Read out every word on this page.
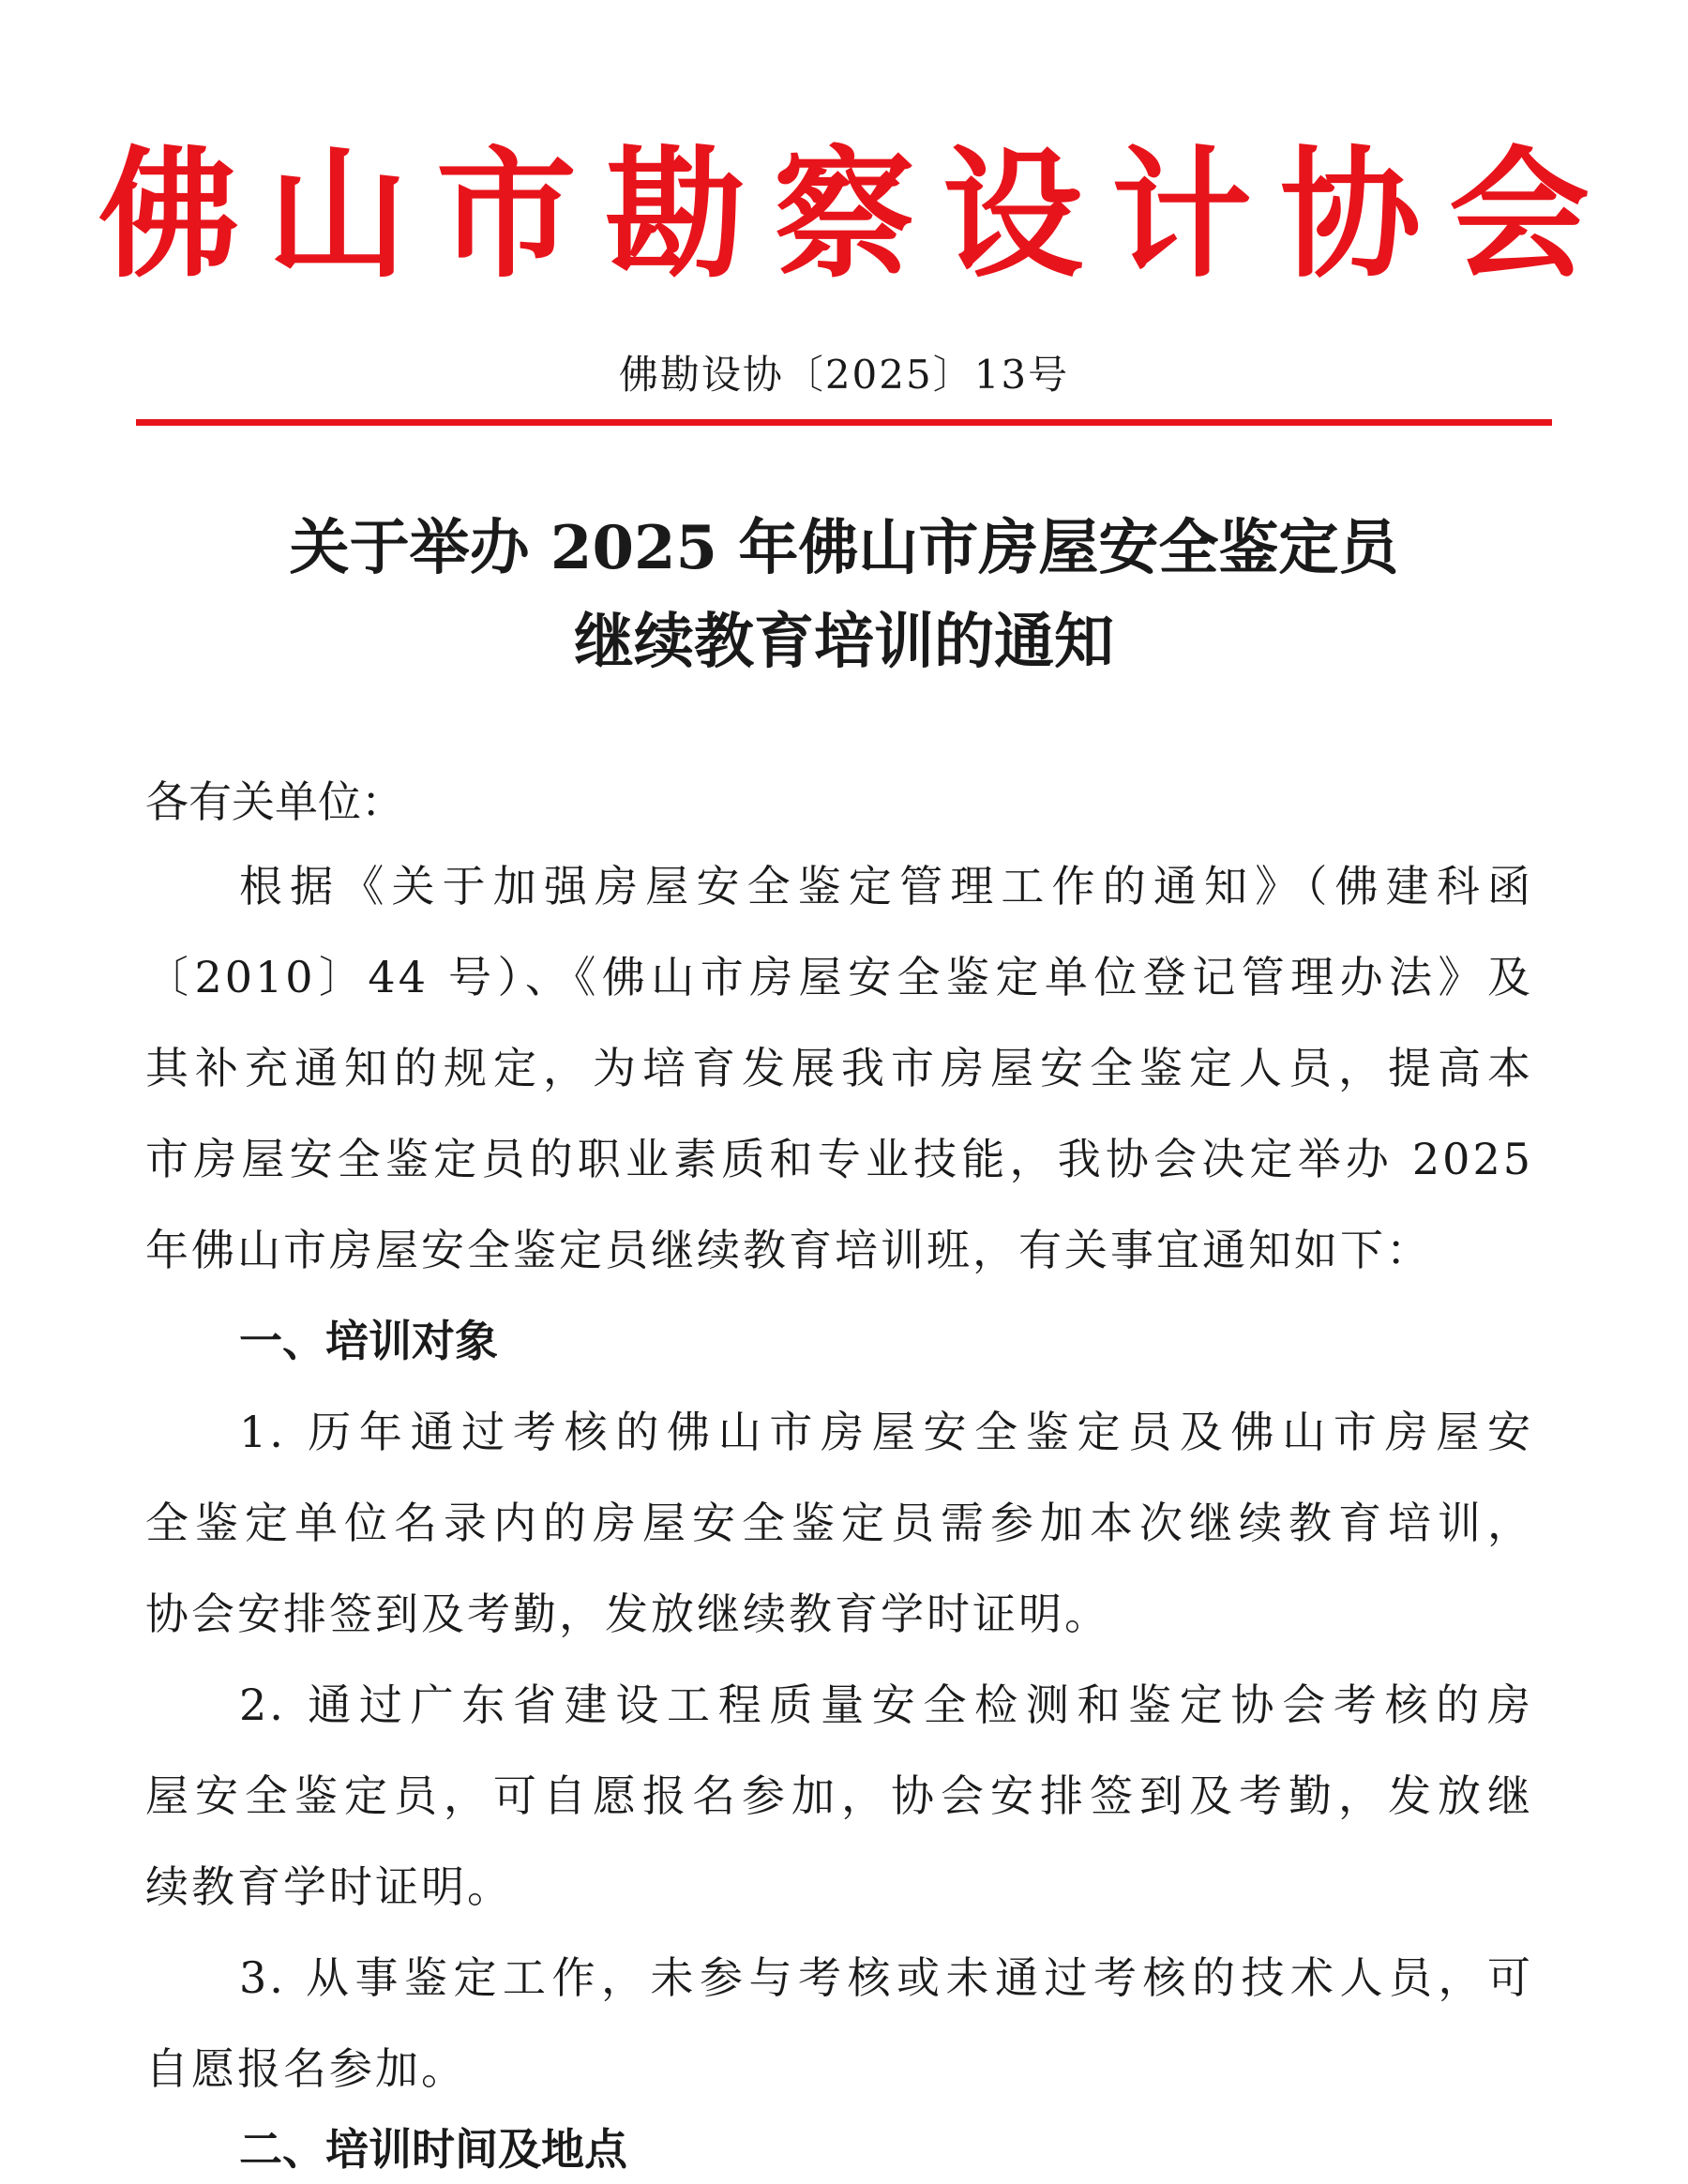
佛山市勘察设计协会
佛勘设协〔2025〕13号
关于举办 2025 年佛山市房屋安全鉴定员
继续教育培训的通知
各有关单位：
根据《关于加强房屋安全鉴定管理工作的通知》（佛建科函
〔2010〕44 号）、《佛山市房屋安全鉴定单位登记管理办法》及
其补充通知的规定，为培育发展我市房屋安全鉴定人员，提高本
市房屋安全鉴定员的职业素质和专业技能，我协会决定举办 2025
年佛山市房屋安全鉴定员继续教育培训班，有关事宜通知如下：
一、培训对象
1. 历年通过考核的佛山市房屋安全鉴定员及佛山市房屋安
全鉴定单位名录内的房屋安全鉴定员需参加本次继续教育培训，
协会安排签到及考勤，发放继续教育学时证明。
2. 通过广东省建设工程质量安全检测和鉴定协会考核的房
屋安全鉴定员，可自愿报名参加，协会安排签到及考勤，发放继
续教育学时证明。
3. 从事鉴定工作，未参与考核或未通过考核的技术人员，可
自愿报名参加。
二、培训时间及地点
